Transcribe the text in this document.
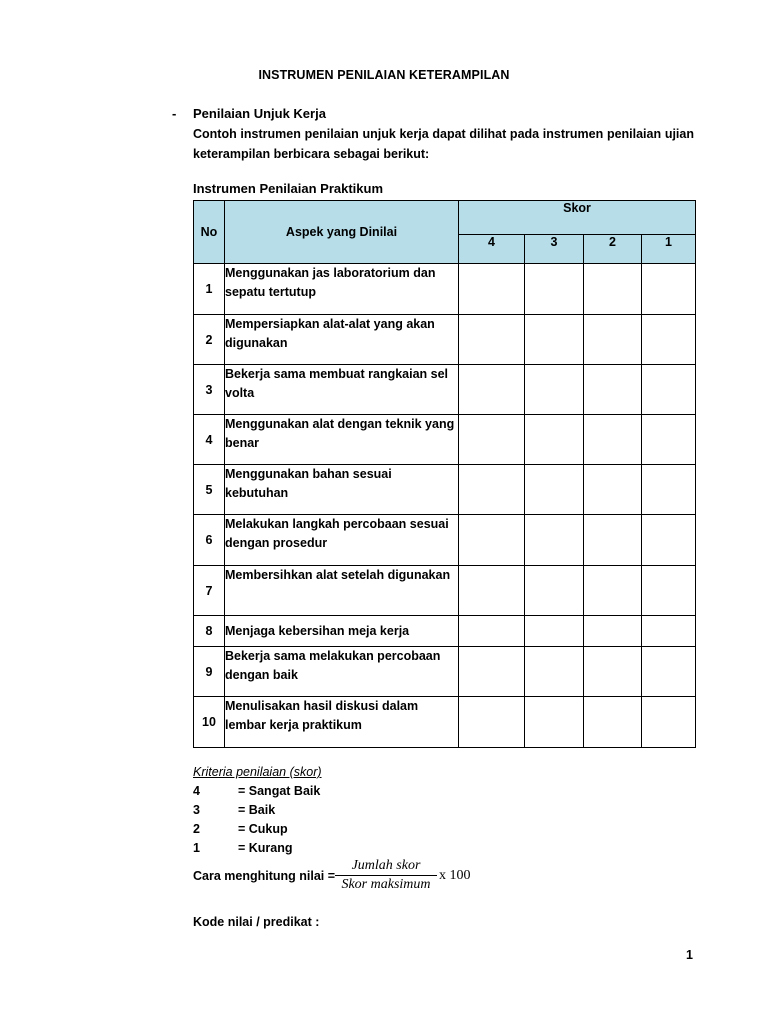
INSTRUMEN PENILAIAN KETERAMPILAN
- Penilaian Unjuk Kerja
Contoh instrumen penilaian unjuk kerja dapat dilihat pada instrumen penilaian ujian keterampilan berbicara sebagai berikut:
Instrumen Penilaian Praktikum
No	Aspek yang Dinilai	Skor			
		4	3	2	1
1	Menggunakan jas laboratorium dan sepatu tertutup				
2	Mempersiapkan alat-alat yang akan digunakan				
3	Bekerja sama membuat rangkaian sel volta				
4	Menggunakan alat dengan teknik yang benar				
5	Menggunakan bahan sesuai kebutuhan				
6	Melakukan langkah percobaan sesuai dengan prosedur				
7	Membersihkan alat setelah digunakan				
8	Menjaga kebersihan meja kerja				
9	Bekerja sama melakukan percobaan dengan baik				
10	Menulisakan hasil diskusi dalam lembar kerja praktikum				
Kriteria penilaian (skor)
4	= Sangat Baik
3	= Baik
2	= Cukup
1	= Kurang
Cara menghitung nilai =
Jumlah skor
Skor maksimum
x 100
Kode nilai / predikat :
1
